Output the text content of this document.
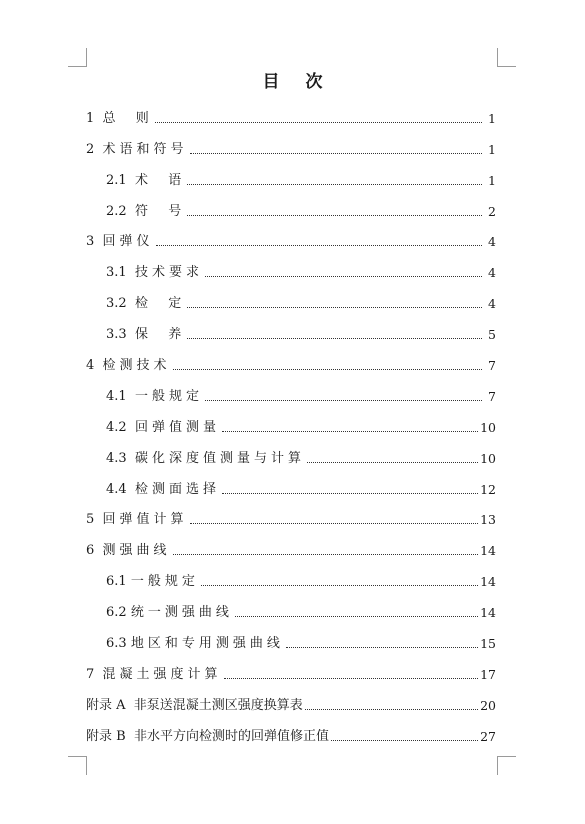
目 次
1 总  则	1
2 术语和符号	1
2.1 术  语	1
2.2 符  号	2
3 回弹仪	4
3.1 技术要求	4
3.2 检  定	4
3.3 保  养	5
4 检测技术	7
4.1 一般规定	7
4.2 回弹值测量	10
4.3 碳化深度值测量与计算	10
4.4 检测面选择	12
5 回弹值计算	13
6 测强曲线	14
6.1 一般规定	14
6.2 统一测强曲线	14
6.3 地区和专用测强曲线	15
7 混凝土强度计算	17
附录 A 非泵送混凝土测区强度换算表	20
附录 B 非水平方向检测时的回弹值修正值	27
